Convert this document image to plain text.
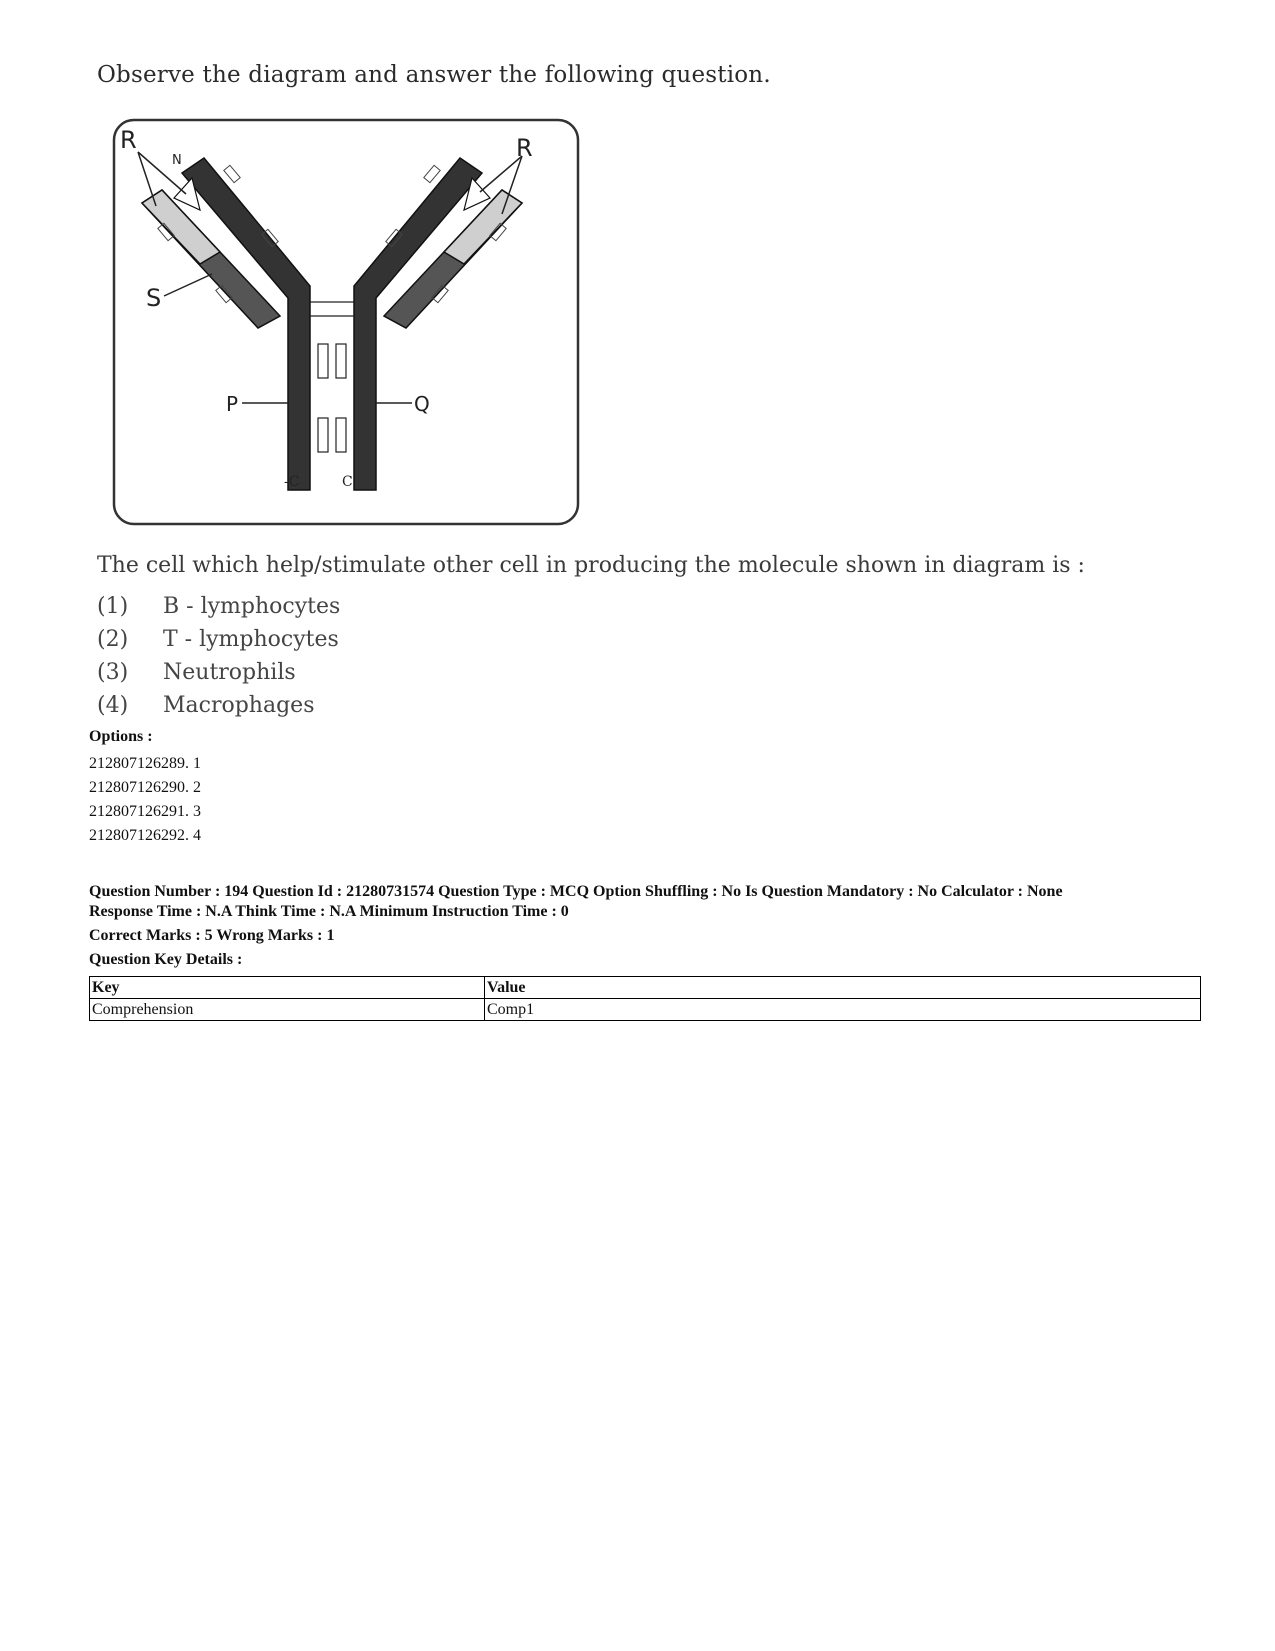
Observe the diagram and answer the following question.
R	R
N
S
P	Q
-C	C
The cell which help/stimulate other cell in producing the molecule shown in diagram is :
(1)	B - lymphocytes
(2)	T - lymphocytes
(3)	Neutrophils
(4)	Macrophages
Options :
212807126289. 1
212807126290. 2
212807126291. 3
212807126292. 4
Question Number : 194 Question Id : 21280731574 Question Type : MCQ Option Shuffling : No Is Question Mandatory : No Calculator : None
Response Time : N.A Think Time : N.A Minimum Instruction Time : 0
Correct Marks : 5 Wrong Marks : 1
Question Key Details :
Key	Value
Comprehension	Comp1
